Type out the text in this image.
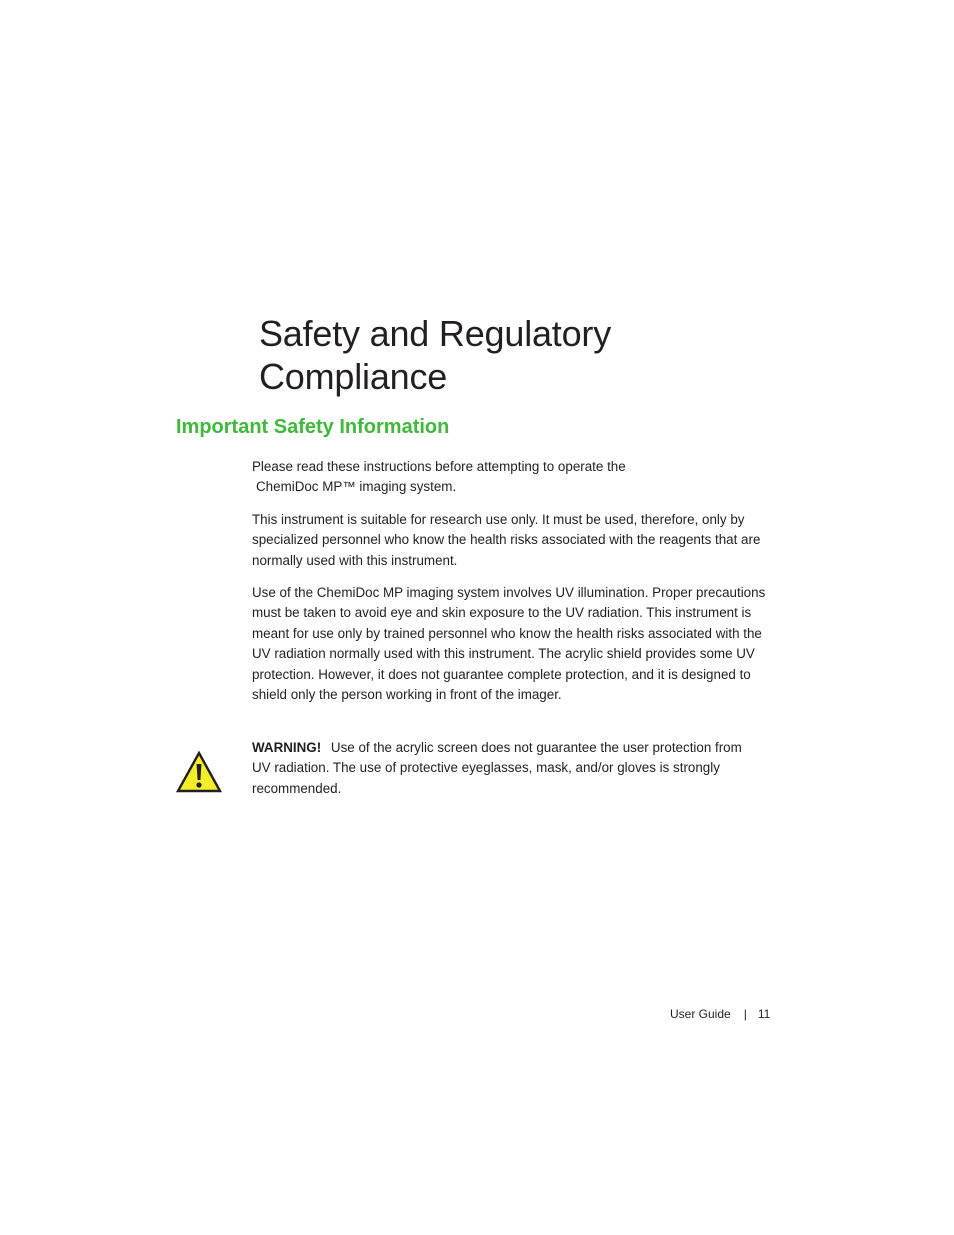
Safety and Regulatory Compliance
Important Safety Information

Please read these instructions before attempting to operate the
ChemiDoc MP™ imaging system.

This instrument is suitable for research use only. It must be used, therefore, only by specialized personnel who know the health risks associated with the reagents that are normally used with this instrument.

Use of the ChemiDoc MP imaging system involves UV illumination. Proper precautions must be taken to avoid eye and skin exposure to the UV radiation. This instrument is meant for use only by trained personnel who know the health risks associated with the UV radiation normally used with this instrument. The acrylic shield provides some UV protection. However, it does not guarantee complete protection, and it is designed to shield only the person working in front of the imager.

WARNING! Use of the acrylic screen does not guarantee the user protection from UV radiation. The use of protective eyeglasses, mask, and/or gloves is strongly recommended.

User Guide | 11
